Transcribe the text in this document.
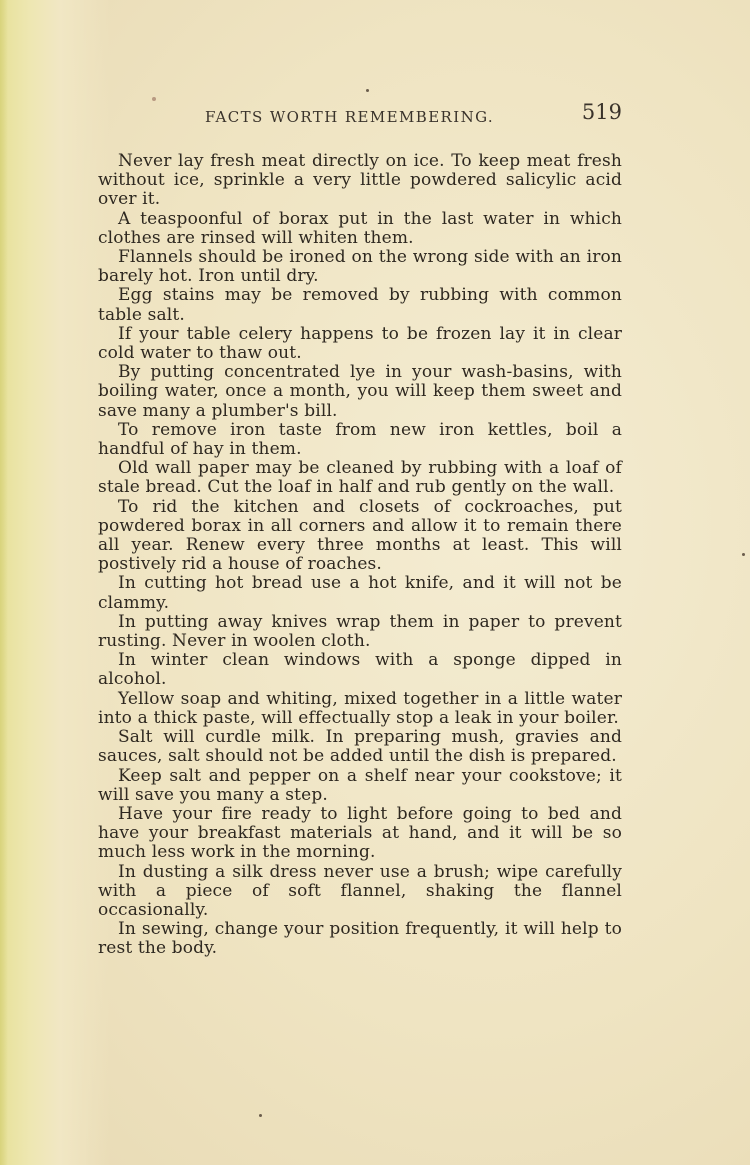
FACTS WORTH REMEMBERING.	519

Never lay fresh meat directly on ice. To keep meat fresh without ice, sprinkle a very little powdered salicylic acid over it.

A teaspoonful of borax put in the last water in which clothes are rinsed will whiten them.

Flannels should be ironed on the wrong side with an iron barely hot. Iron until dry.

Egg stains may be removed by rubbing with common table salt.

If your table celery happens to be frozen lay it in clear cold water to thaw out.

By putting concentrated lye in your wash-basins, with boiling water, once a month, you will keep them sweet and save many a plumber's bill.

To remove iron taste from new iron kettles, boil a handful of hay in them.

Old wall paper may be cleaned by rubbing with a loaf of stale bread. Cut the loaf in half and rub gently on the wall.

To rid the kitchen and closets of cockroaches, put powdered borax in all corners and allow it to remain there all year. Renew every three months at least. This will postively rid a house of roaches.

In cutting hot bread use a hot knife, and it will not be clammy.

In putting away knives wrap them in paper to prevent rusting. Never in woolen cloth.

In winter clean windows with a sponge dipped in alcohol.

Yellow soap and whiting, mixed together in a little water into a thick paste, will effectually stop a leak in your boiler.

Salt will curdle milk. In preparing mush, gravies and sauces, salt should not be added until the dish is prepared.

Keep salt and pepper on a shelf near your cookstove; it will save you many a step.

Have your fire ready to light before going to bed and have your breakfast materials at hand, and it will be so much less work in the morning.

In dusting a silk dress never use a brush; wipe carefully with a piece of soft flannel, shaking the flannel occasionally.

In sewing, change your position frequently, it will help to rest the body.
